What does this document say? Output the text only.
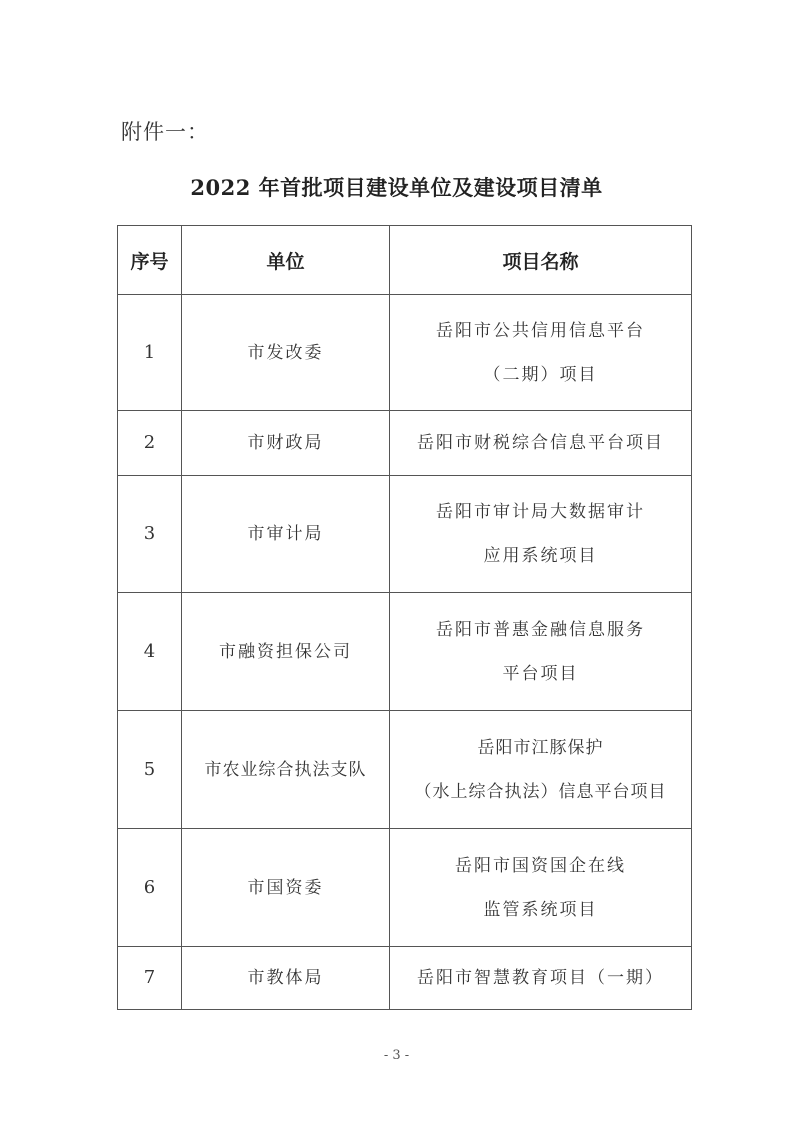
附件一：
2022 年首批项目建设单位及建设项目清单
序号	单位	项目名称
1	市发改委	岳阳市公共信用信息平台
（二期）项目

2	市财政局	岳阳市财税综合信息平台项目

3	市审计局	岳阳市审计局大数据审计
应用系统项目

4	市融资担保公司	岳阳市普惠金融信息服务
平台项目

5	市农业综合执法支队	岳阳市江豚保护
（水上综合执法）信息平台项目

6	市国资委	岳阳市国资国企在线
监管系统项目

7	市教体局	岳阳市智慧教育项目（一期）
- 3 -
